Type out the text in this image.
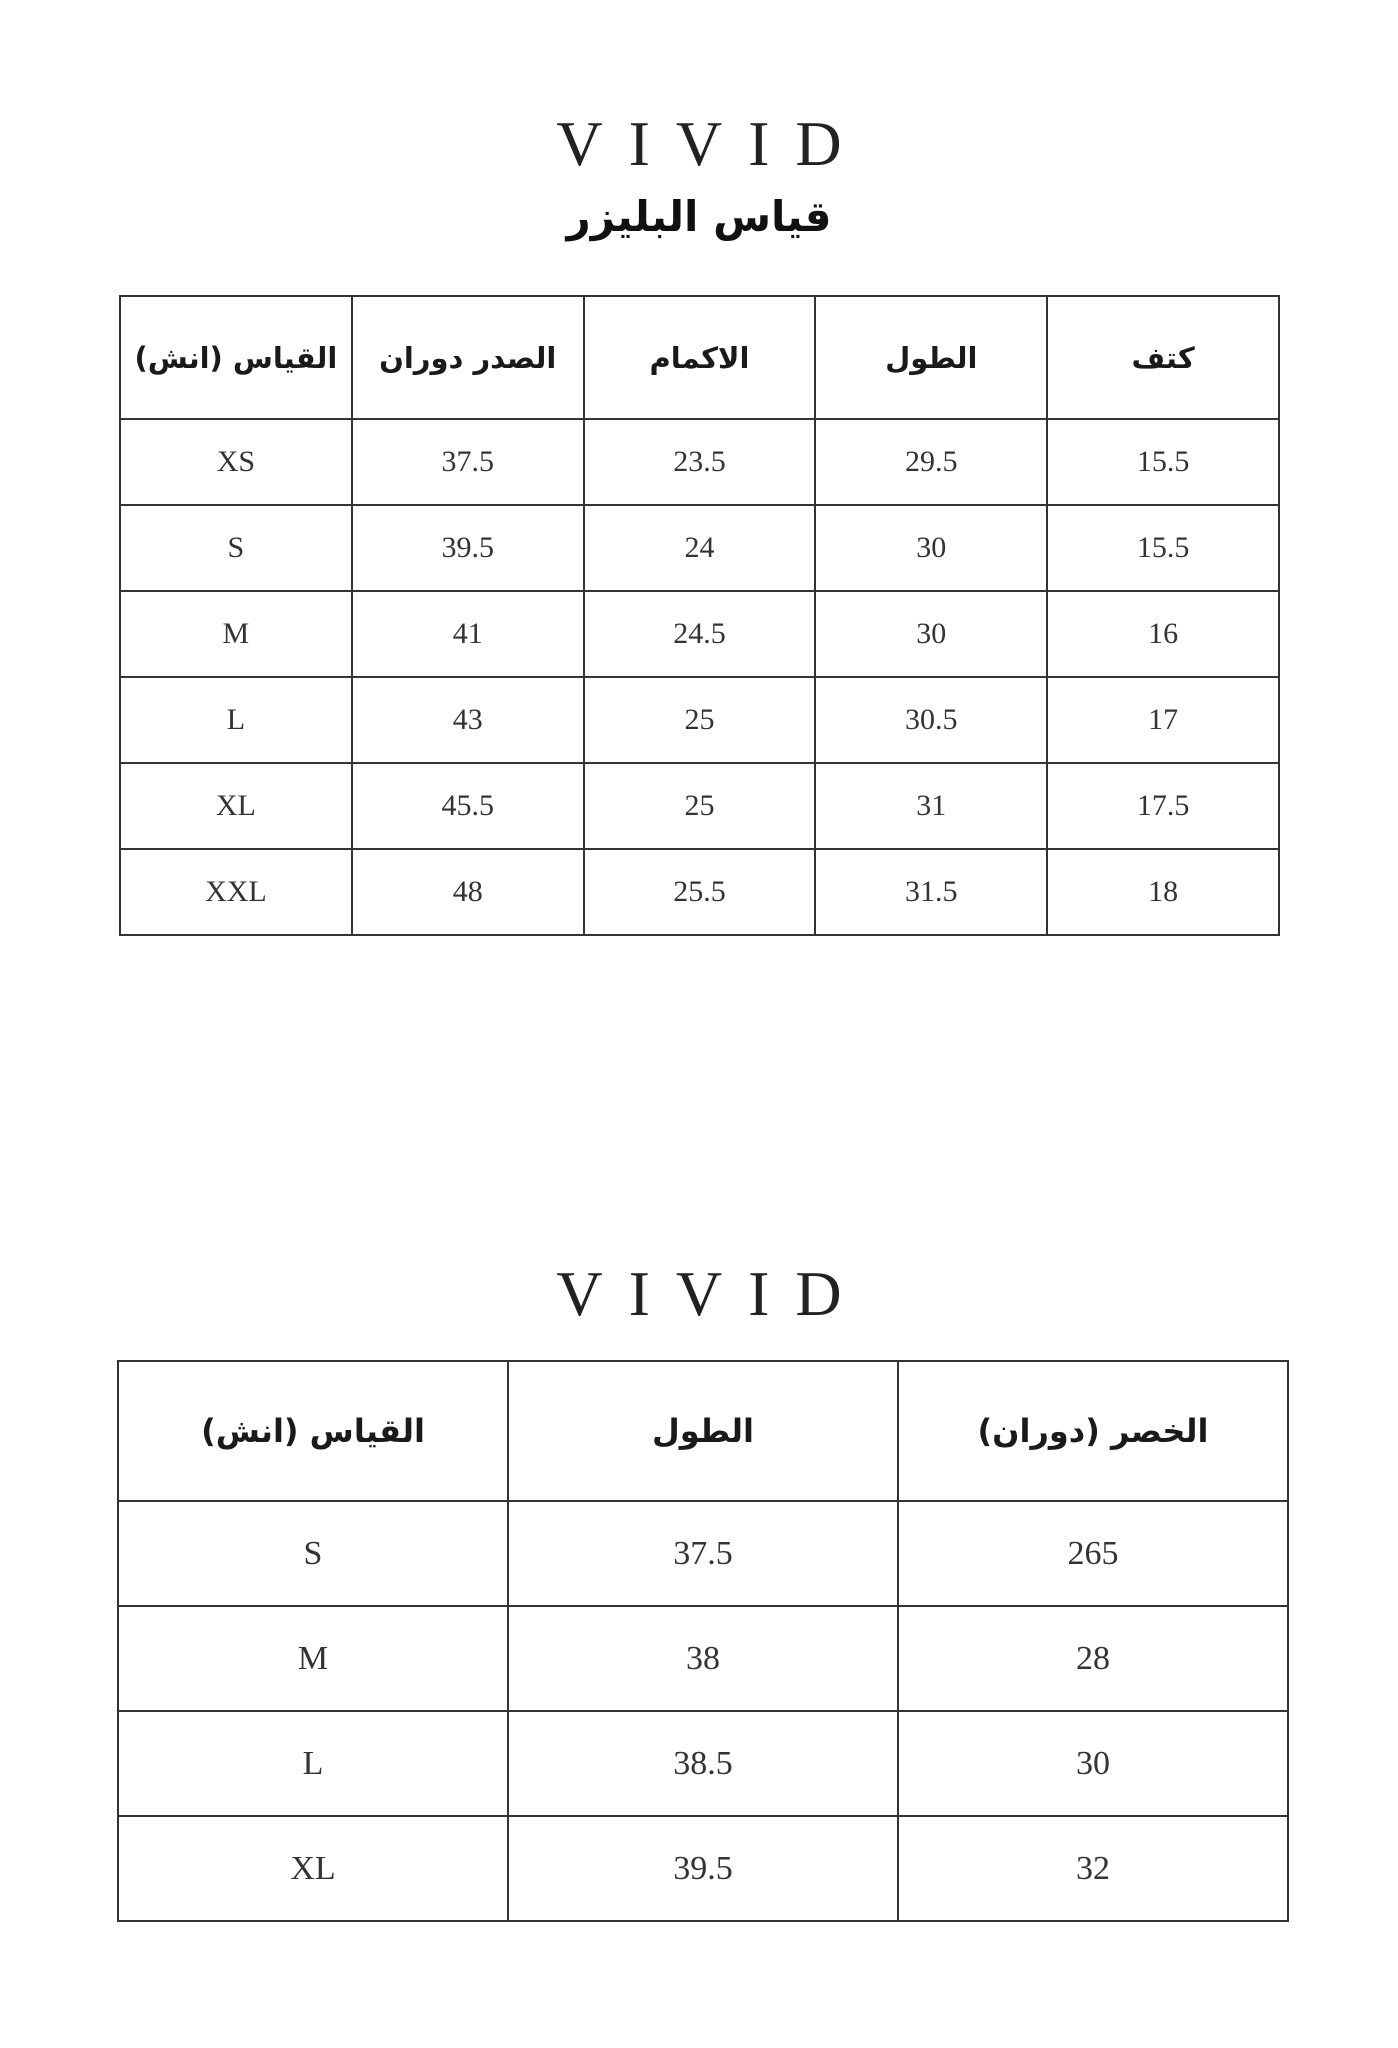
VIVID
قياس البليزر
القياس (انش)	الصدر دوران	الاكمام	الطول	كتف
XS	37.5	23.5	29.5	15.5
S	39.5	24	30	15.5
M	41	24.5	30	16
L	43	25	30.5	17
XL	45.5	25	31	17.5
XXL	48	25.5	31.5	18
VIVID
القياس (انش)	الطول	الخصر (دوران)
S	37.5	265
M	38	28
L	38.5	30
XL	39.5	32
